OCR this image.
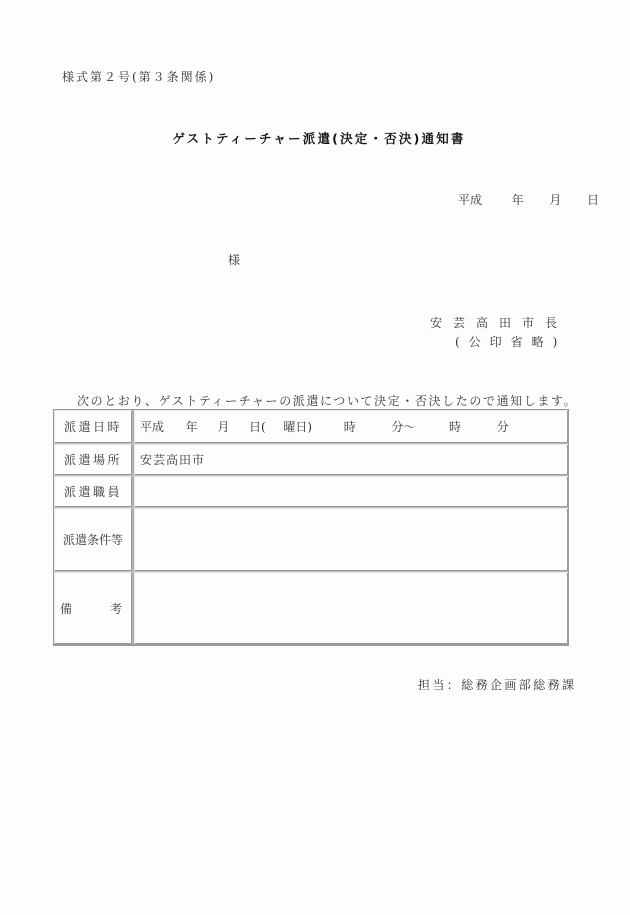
様式第２号(第３条関係)
ゲストティーチャー派遣(決定・否決)通知書
平成 年 月 日
様
安芸高田市長
(公印省略)
次のとおり、ゲストティーチャーの派遣について決定・否決したので通知します。
派遣日時	平成 年 月 日( 曜日) 時 分～ 時 分
派遣場所	安芸高田市
派遣職員	
派遣条件等	
備 考	
担当：総務企画部総務課
